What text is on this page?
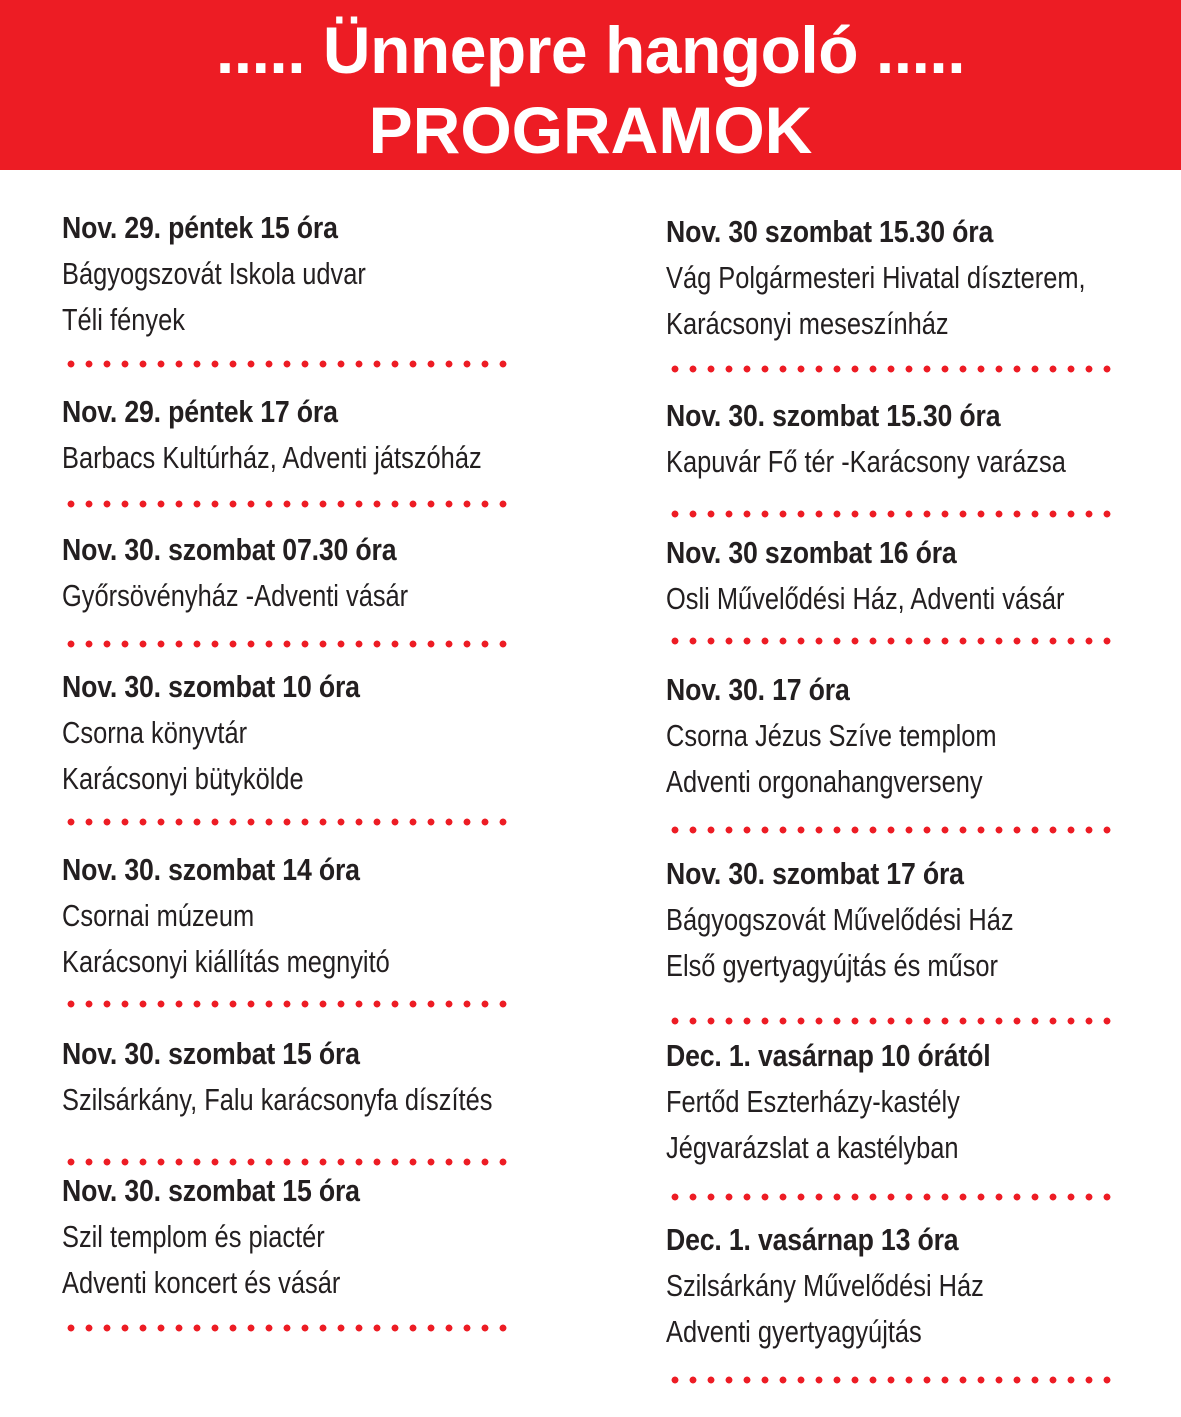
..... Ünnepre hangoló .....
PROGRAMOK
Nov. 29. péntek 15 óra
Bágyogszovát Iskola udvar
Téli fények
Nov. 29. péntek 17 óra
Barbacs Kultúrház, Adventi játszóház
Nov. 30. szombat 07.30 óra
Győrsövényház -Adventi vásár
Nov. 30. szombat 10 óra
Csorna könyvtár
Karácsonyi bütykölde
Nov. 30. szombat 14 óra
Csornai múzeum
Karácsonyi kiállítás megnyitó
Nov. 30. szombat 15 óra
Szilsárkány, Falu karácsonyfa díszítés
Nov. 30. szombat 15 óra
Szil templom és piactér
Adventi koncert és vásár
Nov. 30 szombat 15.30 óra
Vág Polgármesteri Hivatal díszterem,
Karácsonyi meseszínház
Nov. 30. szombat 15.30 óra
Kapuvár Fő tér -Karácsony varázsa
Nov. 30 szombat 16 óra
Osli Művelődési Ház, Adventi vásár
Nov. 30. 17 óra
Csorna Jézus Szíve templom
Adventi orgonahangverseny
Nov. 30. szombat 17 óra
Bágyogszovát Művelődési Ház
Első gyertyagyújtás és műsor
Dec. 1. vasárnap 10 órától
Fertőd Eszterházy-kastély
Jégvarázslat a kastélyban
Dec. 1. vasárnap 13 óra
Szilsárkány Művelődési Ház
Adventi gyertyagyújtás
